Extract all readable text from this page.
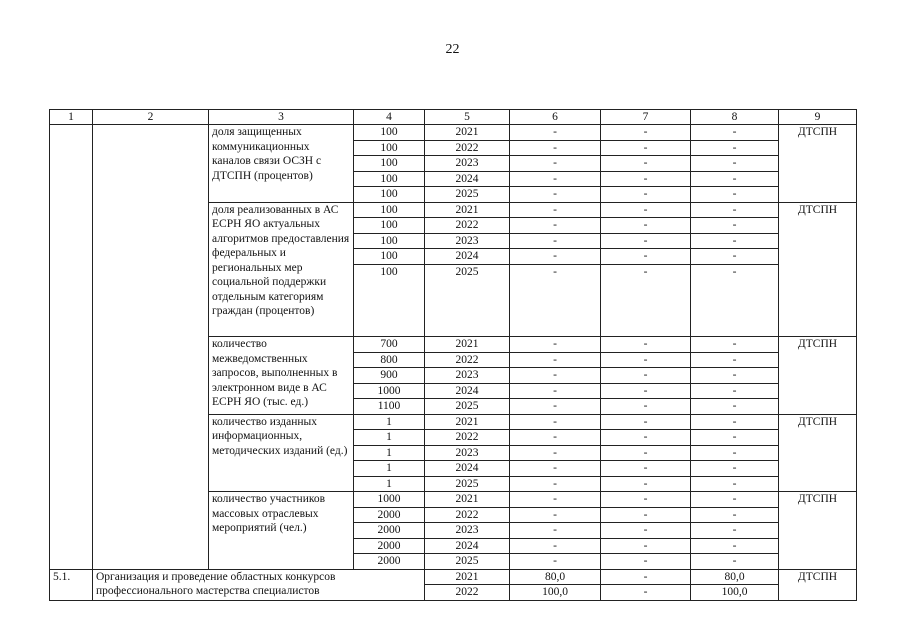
22
1	2	3	4	5	6	7	8	9
		доля защищенных коммуникационных каналов связи ОСЗН с ДТСПН (процентов)	100	2021	-	-	-	ДТСПН
			100	2022	-	-	-	
			100	2023	-	-	-	
			100	2024	-	-	-	
			100	2025	-	-	-	
		доля реализованных в АС ЕСРН ЯО актуальных алгоритмов предоставления федеральных и региональных мер социальной поддержки отдельным категориям граждан (процентов)	100	2021	-	-	-	ДТСПН
			100	2022	-	-	-	
			100	2023	-	-	-	
			100	2024	-	-	-	
			100	2025	-	-	-	
		количество межведомственных запросов, выполненных в электронном виде в АС ЕСРН ЯО (тыс. ед.)	700	2021	-	-	-	ДТСПН
			800	2022	-	-	-	
			900	2023	-	-	-	
			1000	2024	-	-	-	
			1100	2025	-	-	-	
		количество изданных информационных, методических изданий (ед.)	1	2021	-	-	-	ДТСПН
			1	2022	-	-	-	
			1	2023	-	-	-	
			1	2024	-	-	-	
			1	2025	-	-	-	
		количество участников массовых отраслевых мероприятий (чел.)	1000	2021	-	-	-	ДТСПН
			2000	2022	-	-	-	
			2000	2023	-	-	-	
			2000	2024	-	-	-	
			2000	2025	-	-	-	
5.1.	Организация и проведение областных конкурсов профессионального мастерства специалистов			2021	80,0	-	80,0	ДТСПН
				2022	100,0	-	100,0	
